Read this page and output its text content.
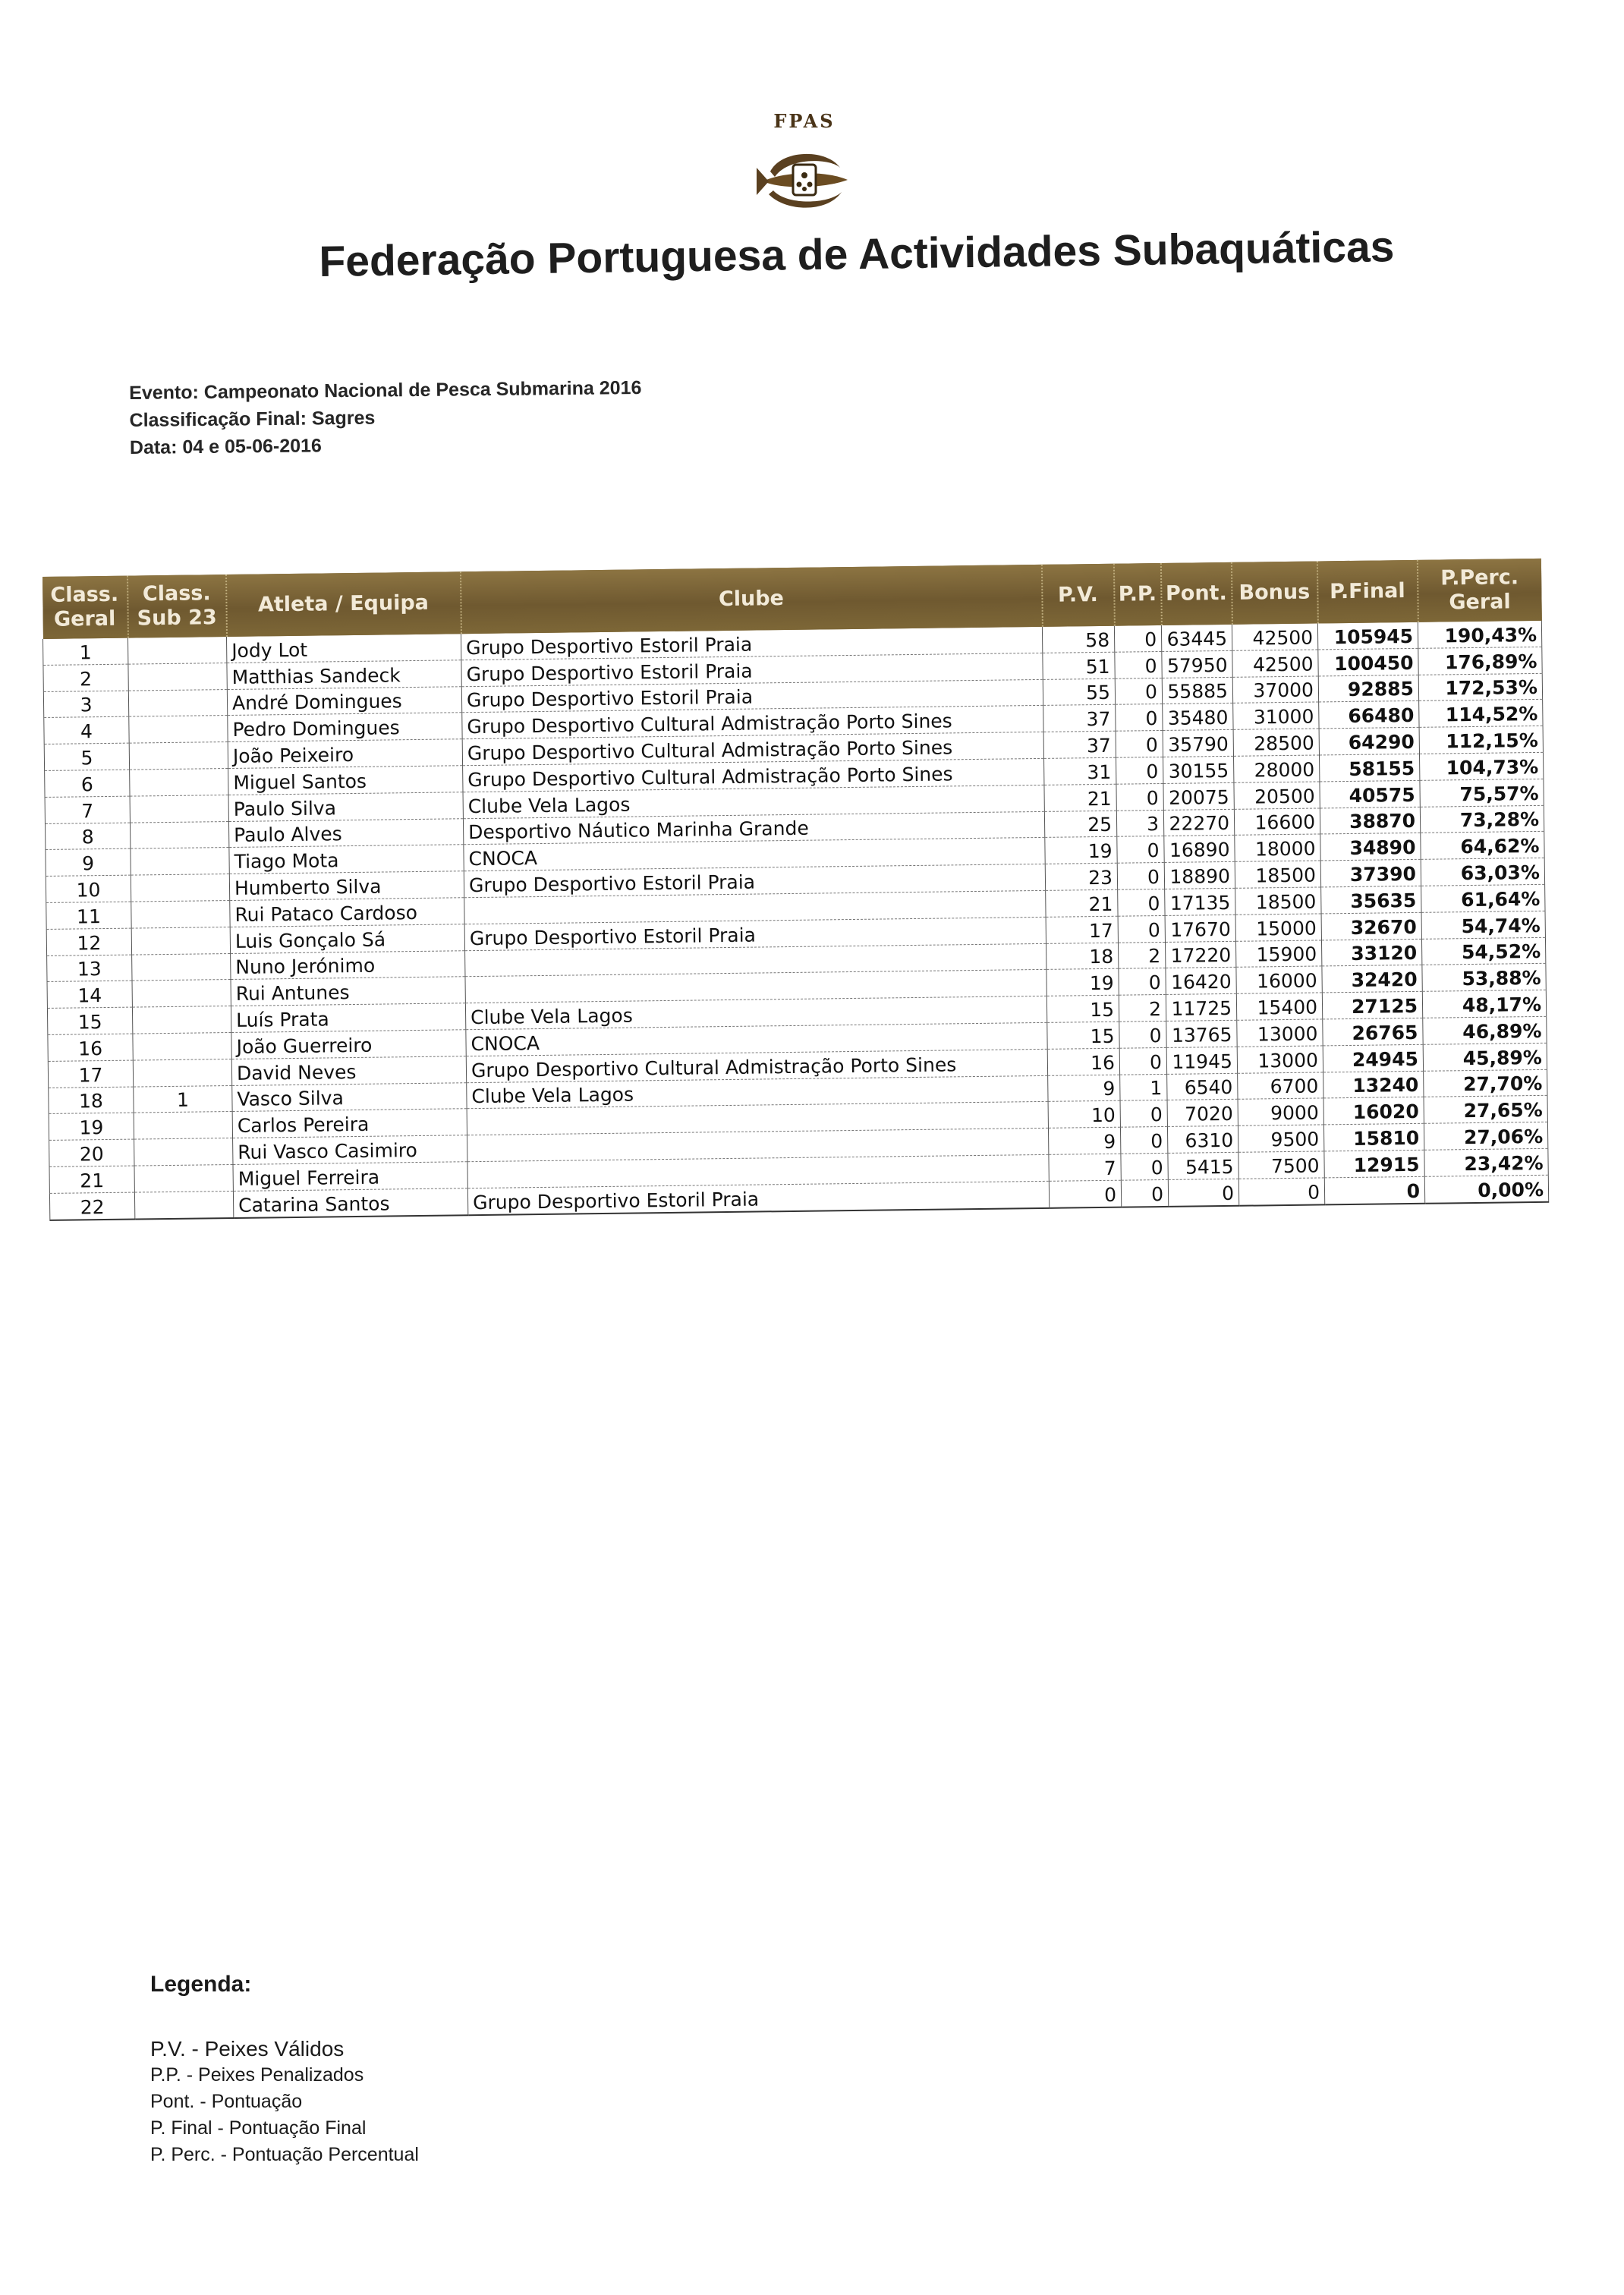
FPAS
Federação Portuguesa de Actividades Subaquáticas
Evento: Campeonato Nacional de Pesca Submarina 2016
Classificação Final: Sagres
Data: 04 e 05-06-2016
Class. Geral	Class. Sub 23	Atleta / Equipa	Clube	P.V.	P.P.	Pont.	Bonus	P.Final	P.Perc. Geral
1		Jody Lot	Grupo Desportivo Estoril Praia	58	0	63445	42500	105945	190,43%
2		Matthias Sandeck	Grupo Desportivo Estoril Praia	51	0	57950	42500	100450	176,89%
3		André Domingues	Grupo Desportivo Estoril Praia	55	0	55885	37000	92885	172,53%
4		Pedro Domingues	Grupo Desportivo Cultural Admistração Porto Sines	37	0	35480	31000	66480	114,52%
5		João Peixeiro	Grupo Desportivo Cultural Admistração Porto Sines	37	0	35790	28500	64290	112,15%
6		Miguel Santos	Grupo Desportivo Cultural Admistração Porto Sines	31	0	30155	28000	58155	104,73%
7		Paulo Silva	Clube Vela Lagos	21	0	20075	20500	40575	75,57%
8		Paulo Alves	Desportivo Náutico Marinha Grande	25	3	22270	16600	38870	73,28%
9		Tiago Mota	CNOCA	19	0	16890	18000	34890	64,62%
10		Humberto Silva	Grupo Desportivo Estoril Praia	23	0	18890	18500	37390	63,03%
11		Rui Pataco Cardoso		21	0	17135	18500	35635	61,64%
12		Luis Gonçalo Sá	Grupo Desportivo Estoril Praia	17	0	17670	15000	32670	54,74%
13		Nuno Jerónimo		18	2	17220	15900	33120	54,52%
14		Rui Antunes		19	0	16420	16000	32420	53,88%
15		Luís Prata	Clube Vela Lagos	15	2	11725	15400	27125	48,17%
16		João Guerreiro	CNOCA	15	0	13765	13000	26765	46,89%
17		David Neves	Grupo Desportivo Cultural Admistração Porto Sines	16	0	11945	13000	24945	45,89%
18	1	Vasco Silva	Clube Vela Lagos	9	1	6540	6700	13240	27,70%
19		Carlos Pereira		10	0	7020	9000	16020	27,65%
20		Rui Vasco Casimiro		9	0	6310	9500	15810	27,06%
21		Miguel Ferreira		7	0	5415	7500	12915	23,42%
22		Catarina Santos	Grupo Desportivo Estoril Praia	0	0	0	0	0	0,00%
Legenda:
P.V. - Peixes Válidos
P.P. - Peixes Penalizados
Pont. - Pontuação
P. Final - Pontuação Final
P. Perc. - Pontuação Percentual
